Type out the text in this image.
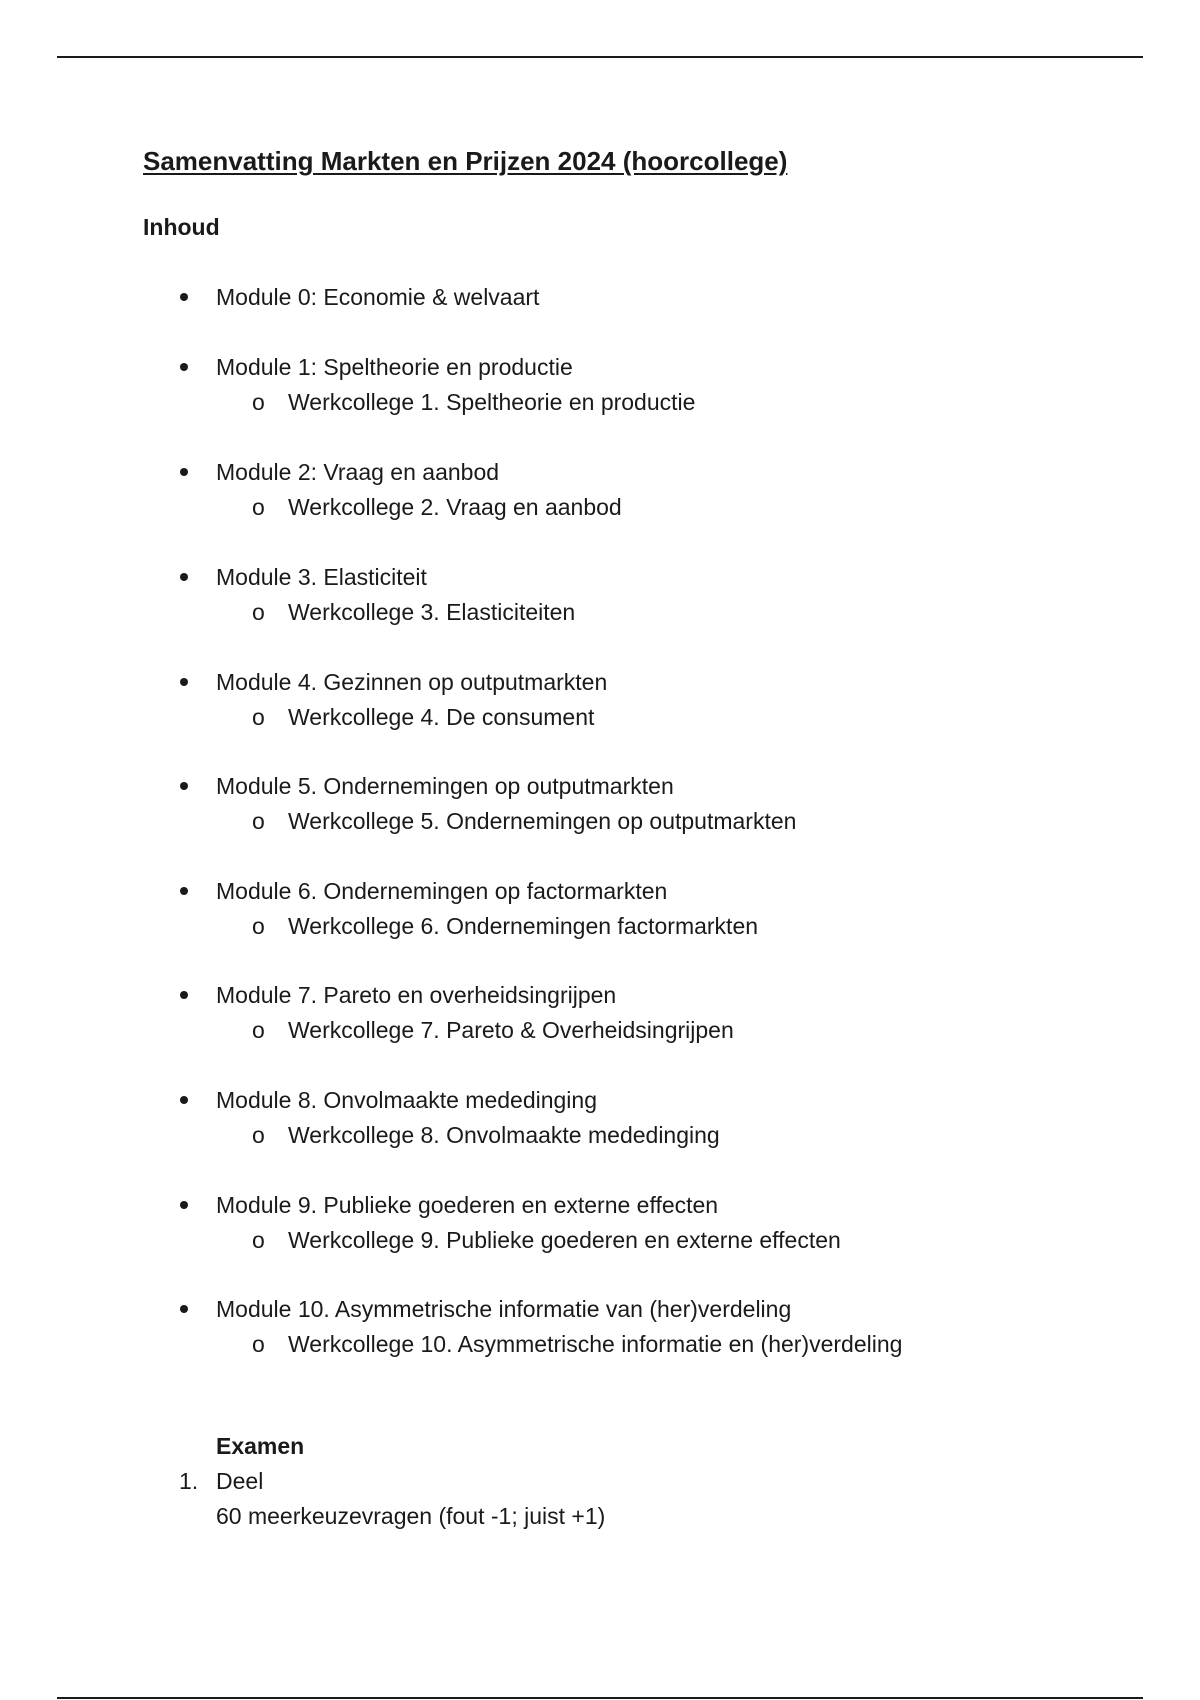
Samenvatting Markten en Prijzen 2024 (hoorcollege)
Inhoud
Module 0: Economie & welvaart
Module 1: Speltheorie en productie
o Werkcollege 1. Speltheorie en productie
Module 2: Vraag en aanbod
o Werkcollege 2. Vraag en aanbod
Module 3. Elasticiteit
o Werkcollege 3. Elasticiteiten
Module 4. Gezinnen op outputmarkten
o Werkcollege 4. De consument
Module 5. Ondernemingen op outputmarkten
o Werkcollege 5. Ondernemingen op outputmarkten
Module 6. Ondernemingen op factormarkten
o Werkcollege 6. Ondernemingen factormarkten
Module 7. Pareto en overheidsingrijpen
o Werkcollege 7. Pareto & Overheidsingrijpen
Module 8. Onvolmaakte mededinging
o Werkcollege 8. Onvolmaakte mededinging
Module 9. Publieke goederen en externe effecten
o Werkcollege 9. Publieke goederen en externe effecten
Module 10. Asymmetrische informatie van (her)verdeling
o Werkcollege 10. Asymmetrische informatie en (her)verdeling
Examen
1. Deel
60 meerkeuzevragen (fout -1; juist +1)
